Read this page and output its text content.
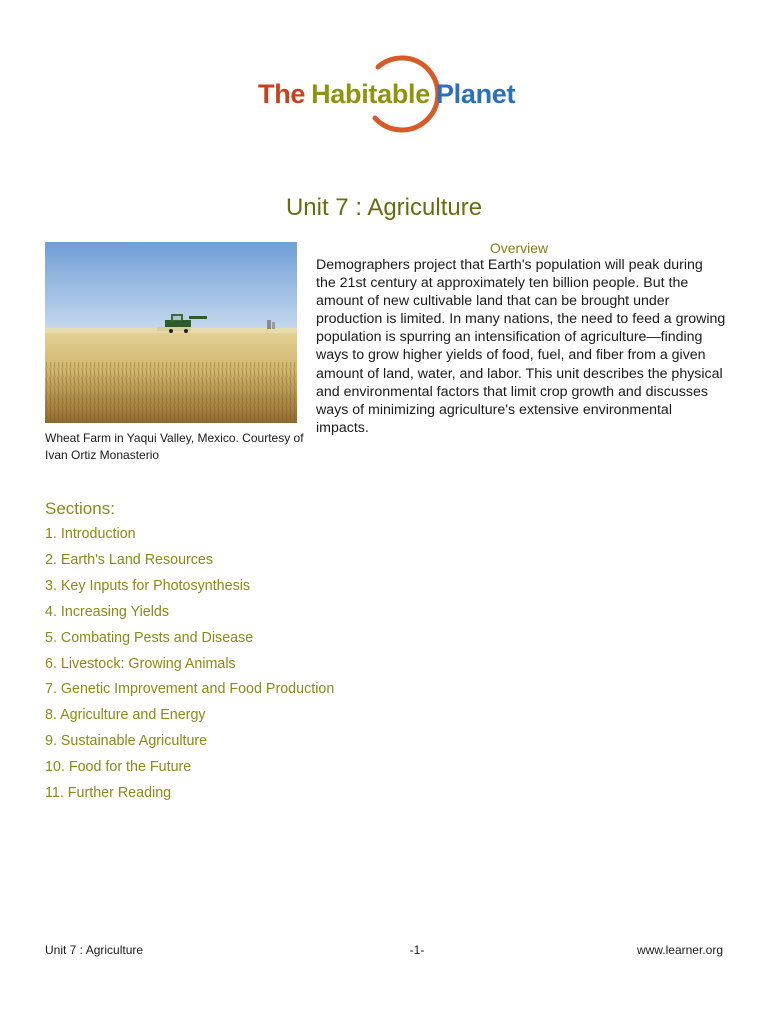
The Habitable Planet
Unit 7 : Agriculture
Wheat Farm in Yaqui Valley, Mexico. Courtesy of Ivan Ortiz Monasterio
Overview
Demographers project that Earth's population will peak during the 21st century at approximately ten billion people. But the amount of new cultivable land that can be brought under production is limited. In many nations, the need to feed a growing population is spurring an intensification of agriculture—finding ways to grow higher yields of food, fuel, and fiber from a given amount of land, water, and labor. This unit describes the physical and environmental factors that limit crop growth and discusses ways of minimizing agriculture's extensive environmental impacts.
Sections:
1. Introduction
2. Earth's Land Resources
3. Key Inputs for Photosynthesis
4. Increasing Yields
5. Combating Pests and Disease
6. Livestock: Growing Animals
7. Genetic Improvement and Food Production
8. Agriculture and Energy
9. Sustainable Agriculture
10. Food for the Future
11. Further Reading
Unit 7 : Agriculture	-1-	www.learner.org
